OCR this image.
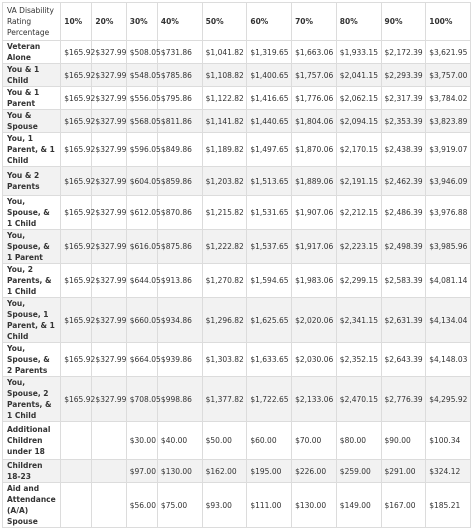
VA Disability Rating Percentage	10%	20%	30%	40%	50%	60%	70%	80%	90%	100%
Veteran Alone	$165.92	$327.99	$508.05	$731.86	$1,041.82	$1,319.65	$1,663.06	$1,933.15	$2,172.39	$3,621.95
You & 1 Child	$165.92	$327.99	$548.05	$785.86	$1,108.82	$1,400.65	$1,757.06	$2,041.15	$2,293.39	$3,757.00
You & 1 Parent	$165.92	$327.99	$556.05	$795.86	$1,122.82	$1,416.65	$1,776.06	$2,062.15	$2,317.39	$3,784.02
You & Spouse	$165.92	$327.99	$568.05	$811.86	$1,141.82	$1,440.65	$1,804.06	$2,094.15	$2,353.39	$3,823.89
You, 1 Parent, & 1 Child	$165.92	$327.99	$596.05	$849.86	$1,189.82	$1,497.65	$1,870.06	$2,170.15	$2,438.39	$3,919.07
You & 2 Parents	$165.92	$327.99	$604.05	$859.86	$1,203.82	$1,513.65	$1,889.06	$2,191.15	$2,462.39	$3,946.09
You, Spouse, & 1 Child	$165.92	$327.99	$612.05	$870.86	$1,215.82	$1,531.65	$1,907.06	$2,212.15	$2,486.39	$3,976.88
You, Spouse, & 1 Parent	$165.92	$327.99	$616.05	$875.86	$1,222.82	$1,537.65	$1,917.06	$2,223.15	$2,498.39	$3,985.96
You, 2 Parents, & 1 Child	$165.92	$327.99	$644.05	$913.86	$1,270.82	$1,594.65	$1,983.06	$2,299.15	$2,583.39	$4,081.14
You, Spouse, 1 Parent, & 1 Child	$165.92	$327.99	$660.05	$934.86	$1,296.82	$1,625.65	$2,020.06	$2,341.15	$2,631.39	$4,134.04
You, Spouse, & 2 Parents	$165.92	$327.99	$664.05	$939.86	$1,303.82	$1,633.65	$2,030.06	$2,352.15	$2,643.39	$4,148.03
You, Spouse, 2 Parents, & 1 Child	$165.92	$327.99	$708.05	$998.86	$1,377.82	$1,722.65	$2,133.06	$2,470.15	$2,776.39	$4,295.92
Additional Children under 18			$30.00	$40.00	$50.00	$60.00	$70.00	$80.00	$90.00	$100.34
Children 18-23			$97.00	$130.00	$162.00	$195.00	$226.00	$259.00	$291.00	$324.12
Aid and Attendance (A/A) Spouse			$56.00	$75.00	$93.00	$111.00	$130.00	$149.00	$167.00	$185.21
